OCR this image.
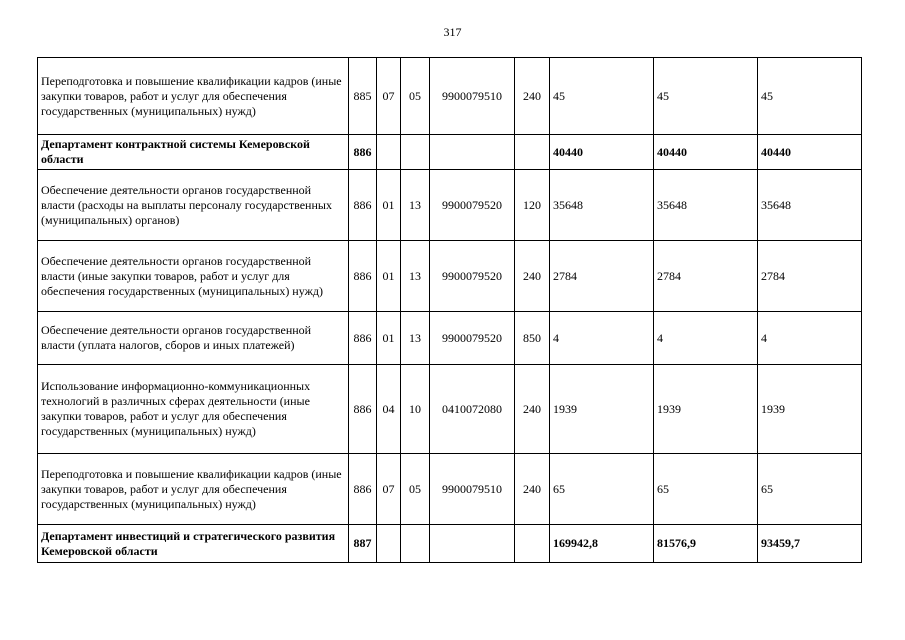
317
Переподготовка и повышение квалификации кадров (иные закупки товаров, работ и услуг для обеспечения государственных (муниципальных) нужд)	885	07	05	9900079510	240	45	45	45
Департамент контрактной системы Кемеровской области	886					40440	40440	40440
Обеспечение деятельности органов государственной власти (расходы на выплаты персоналу государственных (муниципальных) органов)	886	01	13	9900079520	120	35648	35648	35648
Обеспечение деятельности органов государственной власти (иные закупки товаров, работ и услуг для обеспечения государственных (муниципальных) нужд)	886	01	13	9900079520	240	2784	2784	2784
Обеспечение деятельности органов государственной власти (уплата налогов, сборов и иных платежей)	886	01	13	9900079520	850	4	4	4
Использование информационно-коммуникационных технологий в различных сферах деятельности (иные закупки товаров, работ и услуг для обеспечения государственных (муниципальных) нужд)	886	04	10	0410072080	240	1939	1939	1939
Переподготовка и повышение квалификации кадров (иные закупки товаров, работ и услуг для обеспечения государственных (муниципальных) нужд)	886	07	05	9900079510	240	65	65	65
Департамент инвестиций и стратегического развития Кемеровской области	887					169942,8	81576,9	93459,7
